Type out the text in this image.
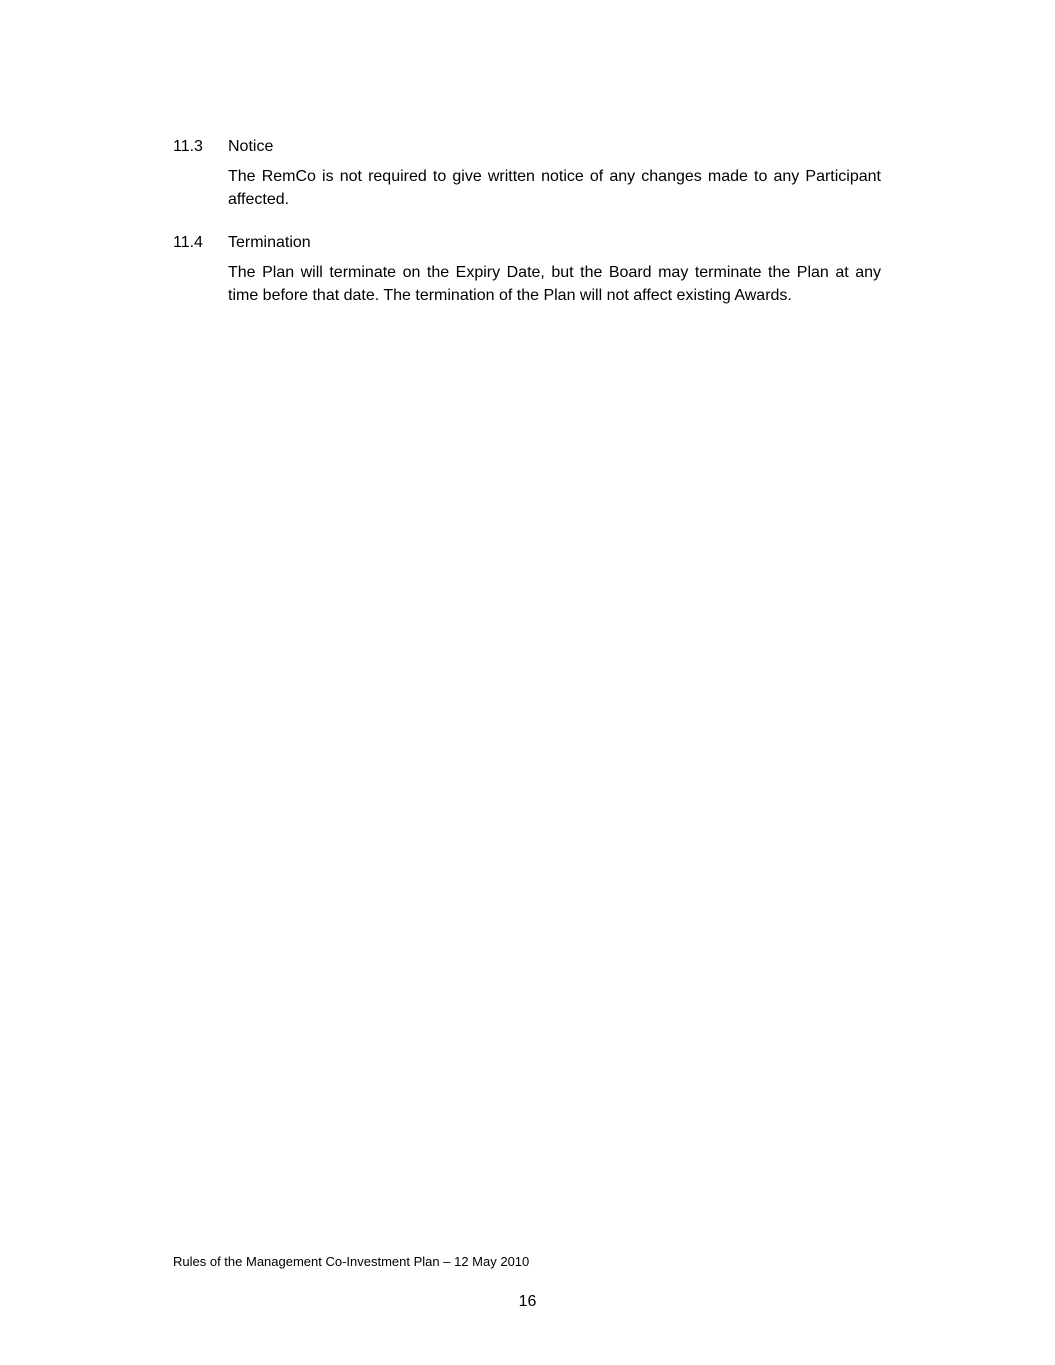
11.3	Notice
The RemCo is not required to give written notice of any changes made to any Participant affected.
11.4	Termination
The Plan will terminate on the Expiry Date, but the Board may terminate the Plan at any time before that date. The termination of the Plan will not affect existing Awards.
Rules of the Management Co-Investment Plan – 12 May 2010
16
